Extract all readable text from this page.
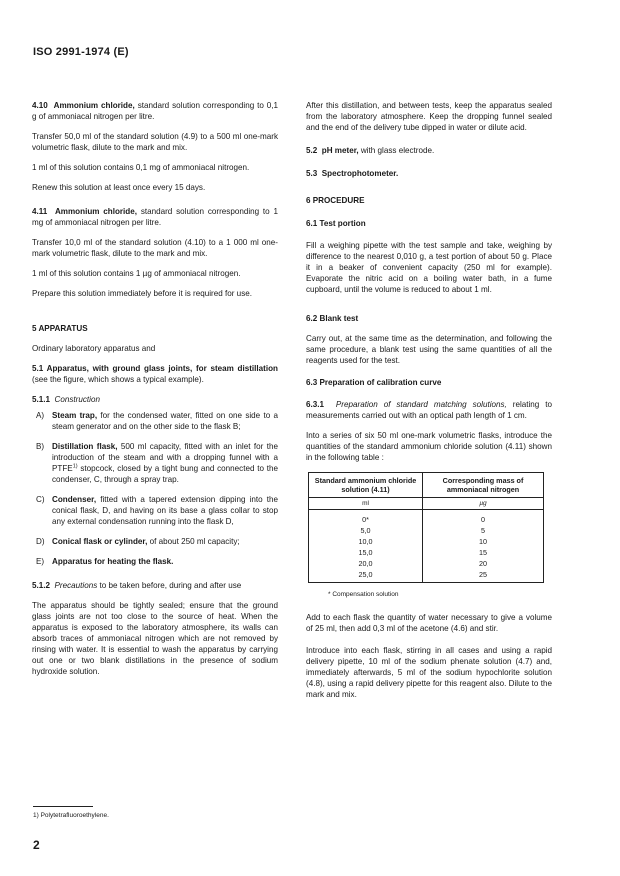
ISO 2991-1974 (E)

4.10 Ammonium chloride, standard solution corresponding to 0,1 g of ammoniacal nitrogen per litre.

Transfer 50,0 ml of the standard solution (4.9) to a 500 ml one-mark volumetric flask, dilute to the mark and mix.

1 ml of this solution contains 0,1 mg of ammoniacal nitrogen.

Renew this solution at least once every 15 days.

4.11 Ammonium chloride, standard solution corresponding to 1 mg of ammoniacal nitrogen per litre.

Transfer 10,0 ml of the standard solution (4.10) to a 1 000 ml one-mark volumetric flask, dilute to the mark and mix.

1 ml of this solution contains 1 µg of ammoniacal nitrogen.

Prepare this solution immediately before it is required for use.

5 APPARATUS

Ordinary laboratory apparatus and

5.1 Apparatus, with ground glass joints, for steam distillation (see the figure, which shows a typical example).

5.1.1 Construction

A) Steam trap, for the condensed water, fitted on one side to a steam generator and on the other side to the flask B;
B) Distillation flask, 500 ml capacity, fitted with an inlet for the introduction of the steam and with a dropping funnel with a PTFE$^{1)}$ stopcock, closed by a tight bung and connected to the condenser, C, through a spray trap.
C) Condenser, fitted with a tapered extension dipping into the conical flask, D, and having on its base a glass collar to stop any external condensation running into the flask D,
D) Conical flask or cylinder, of about 250 ml capacity;
E) Apparatus for heating the flask.

5.1.2 Precautions to be taken before, during and after use

The apparatus should be tightly sealed; ensure that the ground glass joints are not too close to the source of heat. When the apparatus is exposed to the laboratory atmosphere, its walls can absorb traces of ammoniacal nitrogen which are not removed by rinsing with water. It is essential to wash the apparatus by carrying out one or two blank distillations in the presence of sodium hydroxide solution.

After this distillation, and between tests, keep the apparatus sealed from the laboratory atmosphere. Keep the dropping funnel sealed and the end of the delivery tube dipped in water or dilute acid.

5.2 pH meter, with glass electrode.

5.3 Spectrophotometer.

6 PROCEDURE
6.1 Test portion

Fill a weighing pipette with the test sample and take, weighing by difference to the nearest 0,010 g, a test portion of about 50 g. Place it in a beaker of convenient capacity (250 ml for example). Evaporate the nitric acid on a boiling water bath, in a fume cupboard, until the volume is reduced to about 1 ml.

6.2 Blank test

Carry out, at the same time as the determination, and following the same procedure, a blank test using the same quantities of all the reagents used for the test.

6.3 Preparation of calibration curve

6.3.1 Preparation of standard matching solutions, relating to measurements carried out with an optical path length of 1 cm.

Into a series of six 50 ml one-mark volumetric flasks, introduce the quantities of the standard ammonium chloride solution (4.11) shown in the following table :

Standard ammonium chloride solution (4.11)	Corresponding mass of ammoniacal nitrogen
ml	µg
0*	0
5,0	5
10,0	10
15,0	15
20,0	20
25,0	25
* Compensation solution

Add to each flask the quantity of water necessary to give a volume of 25 ml, then add 0,3 ml of the acetone (4.6) and stir.

Introduce into each flask, stirring in all cases and using a rapid delivery pipette, 10 ml of the sodium phenate solution (4.7) and, immediately afterwards, 5 ml of the sodium hypochlorite solution (4.8), using a rapid delivery pipette for this reagent also. Dilute to the mark and mix.

1) Polytetrafluoroethylene.
2
